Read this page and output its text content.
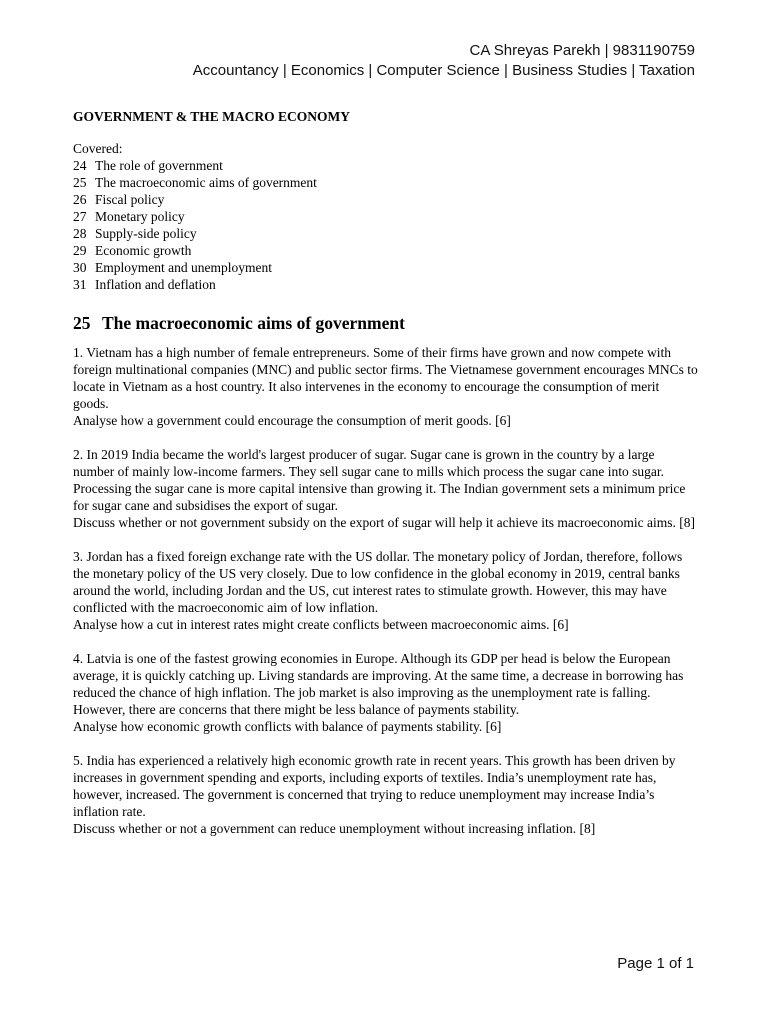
CA Shreyas Parekh | 9831190759
Accountancy | Economics | Computer Science | Business Studies | Taxation
GOVERNMENT & THE MACRO ECONOMY
Covered:
24 The role of government
25 The macroeconomic aims of government
26 Fiscal policy
27 Monetary policy
28 Supply-side policy
29 Economic growth
30 Employment and unemployment
31 Inflation and deflation
25 The macroeconomic aims of government

1. Vietnam has a high number of female entrepreneurs. Some of their firms have grown and now compete with foreign multinational companies (MNC) and public sector firms. The Vietnamese government encourages MNCs to locate in Vietnam as a host country. It also intervenes in the economy to encourage the consumption of merit goods.

Analyse how a government could encourage the consumption of merit goods. [6]

2. In 2019 India became the world's largest producer of sugar. Sugar cane is grown in the country by a large number of mainly low-income farmers. They sell sugar cane to mills which process the sugar cane into sugar. Processing the sugar cane is more capital intensive than growing it. The Indian government sets a minimum price for sugar cane and subsidises the export of sugar.

Discuss whether or not government subsidy on the export of sugar will help it achieve its macroeconomic aims. [8]

3. Jordan has a fixed foreign exchange rate with the US dollar. The monetary policy of Jordan, therefore, follows the monetary policy of the US very closely. Due to low confidence in the global economy in 2019, central banks around the world, including Jordan and the US, cut interest rates to stimulate growth. However, this may have conflicted with the macroeconomic aim of low inflation.

Analyse how a cut in interest rates might create conflicts between macroeconomic aims. [6]

4. Latvia is one of the fastest growing economies in Europe. Although its GDP per head is below the European average, it is quickly catching up. Living standards are improving. At the same time, a decrease in borrowing has reduced the chance of high inflation. The job market is also improving as the unemployment rate is falling. However, there are concerns that there might be less balance of payments stability.

Analyse how economic growth conflicts with balance of payments stability. [6]

5. India has experienced a relatively high economic growth rate in recent years. This growth has been driven by increases in government spending and exports, including exports of textiles. India’s unemployment rate has, however, increased. The government is concerned that trying to reduce unemployment may increase India’s inflation rate.

Discuss whether or not a government can reduce unemployment without increasing inflation. [8]

Page 1 of 1
